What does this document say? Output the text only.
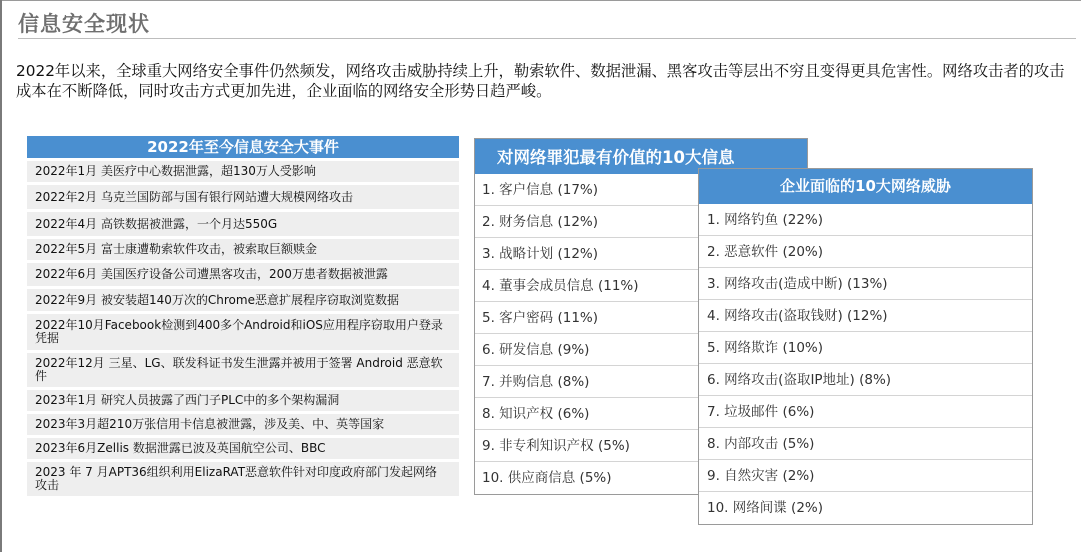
信息安全现状
2022年以来，全球重大网络安全事件仍然频发，网络攻击威胁持续上升，勒索软件、数据泄漏、黑客攻击等层出不穷且变得更具危害性。网络攻击者的攻击成本在不断降低，同时攻击方式更加先进，企业面临的网络安全形势日趋严峻。
2022年至今信息安全大事件
2022年1月 美医疗中心数据泄露，超130万人受影响
2022年2月 乌克兰国防部与国有银行网站遭大规模网络攻击
2022年4月 高铁数据被泄露，一个月达550G
2022年5月 富士康遭勒索软件攻击，被索取巨额赎金
2022年6月 美国医疗设备公司遭黑客攻击，200万患者数据被泄露
2022年9月 被安装超140万次的Chrome恶意扩展程序窃取浏览数据
2022年10月Facebook检测到400多个Android和iOS应用程序窃取用户登录凭据
2022年12月 三星、LG、联发科证书发生泄露并被用于签署 Android 恶意软件
2023年1月 研究人员披露了西门子PLC中的多个架构漏洞
2023年3月超210万张信用卡信息被泄露，涉及美、中、英等国家
2023年6月Zellis 数据泄露已波及英国航空公司、BBC
2023 年 7 月APT36组织利用ElizaRAT恶意软件针对印度政府部门发起网络攻击
对网络罪犯最有价值的10大信息
1. 客户信息 (17%)
2. 财务信息 (12%)
3. 战略计划 (12%)
4. 董事会成员信息 (11%)
5. 客户密码 (11%)
6. 研发信息 (9%)
7. 并购信息 (8%)
8. 知识产权 (6%)
9. 非专利知识产权 (5%)
10. 供应商信息 (5%)
企业面临的10大网络威胁
1. 网络钓鱼 (22%)
2. 恶意软件 (20%)
3. 网络攻击(造成中断) (13%)
4. 网络攻击(盗取钱财) (12%)
5. 网络欺诈 (10%)
6. 网络攻击(盗取IP地址) (8%)
7. 垃圾邮件 (6%)
8. 内部攻击 (5%)
9. 自然灾害 (2%)
10. 网络间谍 (2%)
